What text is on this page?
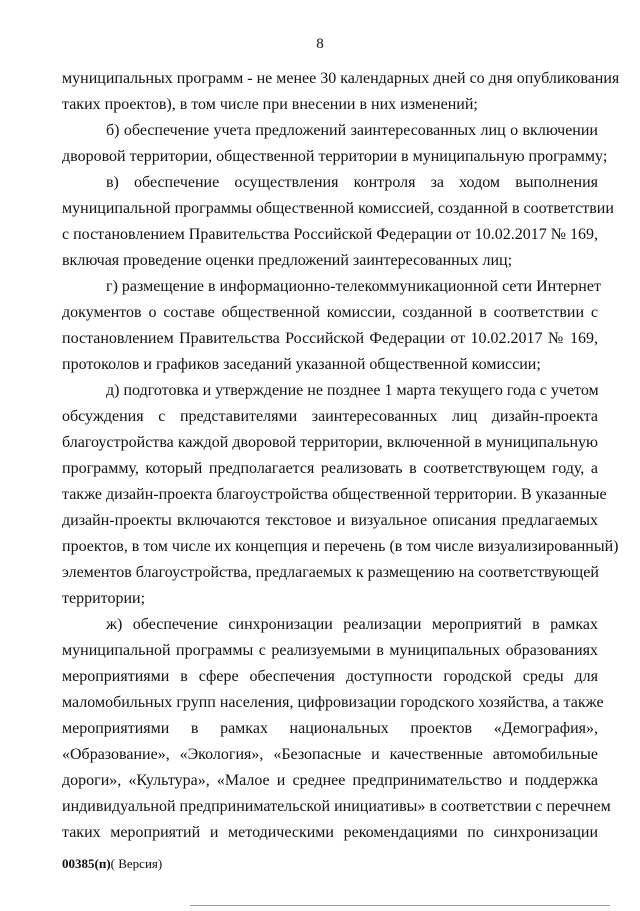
8
муниципальных программ - не менее 30 календарных дней со дня опубликования
таких проектов), в том числе при внесении в них изменений;
б) обеспечение учета предложений заинтересованных лиц о включении
дворовой территории, общественной территории в муниципальную программу;
в) обеспечение осуществления контроля за ходом выполнения
муниципальной программы общественной комиссией, созданной в соответствии
с постановлением Правительства Российской Федерации от 10.02.2017 № 169,
включая проведение оценки предложений заинтересованных лиц;
г) размещение в информационно-телекоммуникационной сети Интернет
документов о составе общественной комиссии, созданной в соответствии с
постановлением Правительства Российской Федерации от 10.02.2017 № 169,
протоколов и графиков заседаний указанной общественной комиссии;
д) подготовка и утверждение не позднее 1 марта текущего года с учетом
обсуждения с представителями заинтересованных лиц дизайн-проекта
благоустройства каждой дворовой территории, включенной в муниципальную
программу, который предполагается реализовать в соответствующем году, а
также дизайн-проекта благоустройства общественной территории. В указанные
дизайн-проекты включаются текстовое и визуальное описания предлагаемых
проектов, в том числе их концепция и перечень (в том числе визуализированный)
элементов благоустройства, предлагаемых к размещению на соответствующей
территории;
ж) обеспечение синхронизации реализации мероприятий в рамках
муниципальной программы с реализуемыми в муниципальных образованиях
мероприятиями в сфере обеспечения доступности городской среды для
маломобильных групп населения, цифровизации городского хозяйства, а также
мероприятиями в рамках национальных проектов «Демография»,
«Образование», «Экология», «Безопасные и качественные автомобильные
дороги», «Культура», «Малое и среднее предпринимательство и поддержка
индивидуальной предпринимательской инициативы» в соответствии с перечнем
таких мероприятий и методическими рекомендациями по синхронизации
00385(п)( Версия)
